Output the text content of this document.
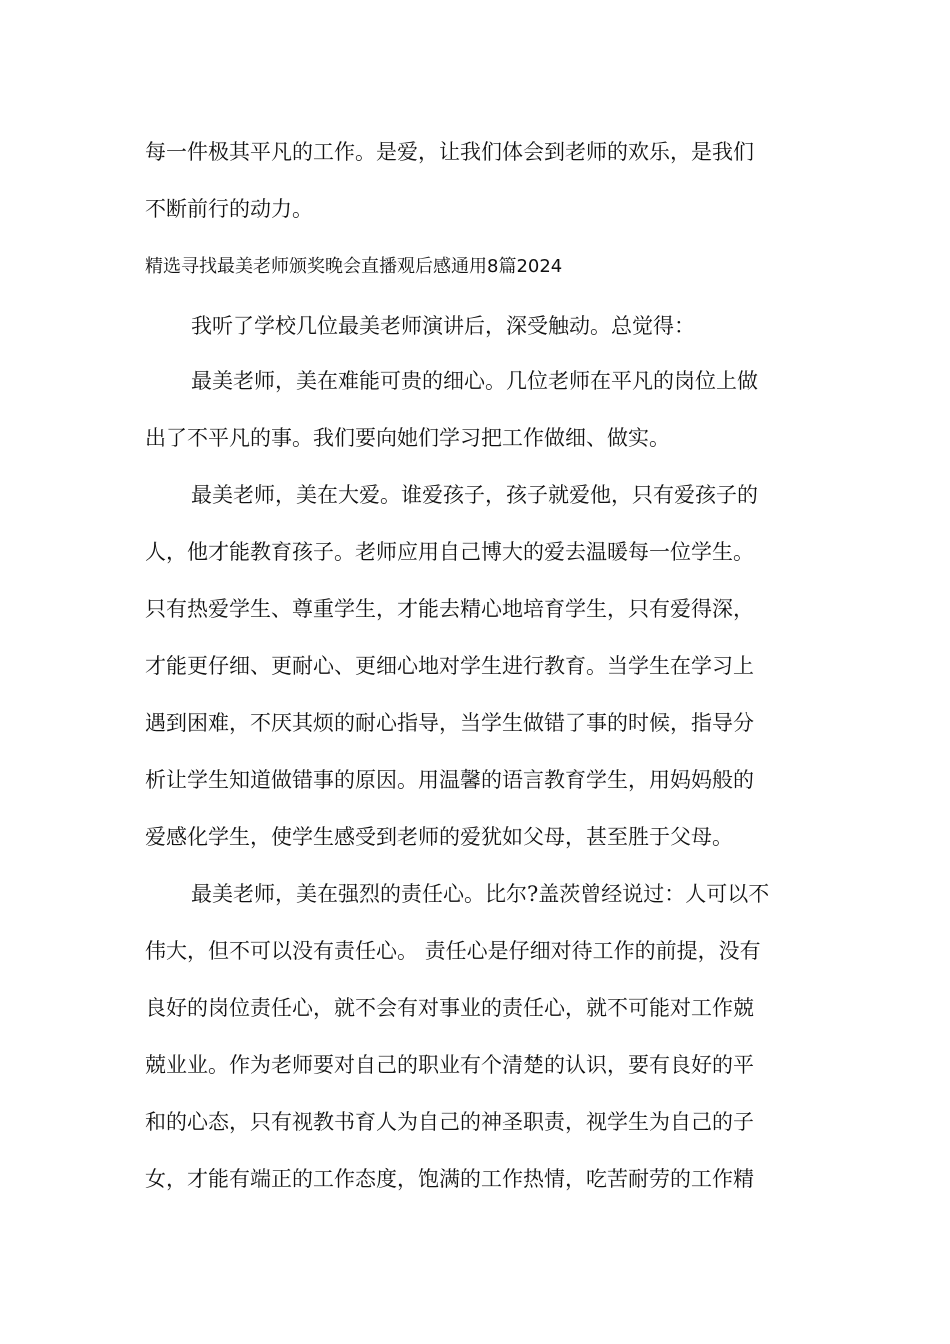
每一件极其平凡的工作。是爱，让我们体会到老师的欢乐，是我们
不断前行的动力。
精选寻找最美老师颁奖晚会直播观后感通用8篇2024
我听了学校几位最美老师演讲后，深受触动。总觉得：
最美老师，美在难能可贵的细心。几位老师在平凡的岗位上做
出了不平凡的事。我们要向她们学习把工作做细、做实。
最美老师，美在大爱。谁爱孩子，孩子就爱他，只有爱孩子的
人，他才能教育孩子。老师应用自己博大的爱去温暖每一位学生。
只有热爱学生、尊重学生，才能去精心地培育学生，只有爱得深，
才能更仔细、更耐心、更细心地对学生进行教育。当学生在学习上
遇到困难，不厌其烦的耐心指导，当学生做错了事的时候，指导分
析让学生知道做错事的原因。用温馨的语言教育学生，用妈妈般的
爱感化学生，使学生感受到老师的爱犹如父母，甚至胜于父母。
最美老师，美在强烈的责任心。比尔?盖茨曾经说过：人可以不
伟大，但不可以没有责任心。 责任心是仔细对待工作的前提，没有
良好的岗位责任心，就不会有对事业的责任心，就不可能对工作兢
兢业业。作为老师要对自己的职业有个清楚的认识，要有良好的平
和的心态，只有视教书育人为自己的神圣职责，视学生为自己的子
女，才能有端正的工作态度，饱满的工作热情，吃苦耐劳的工作精
